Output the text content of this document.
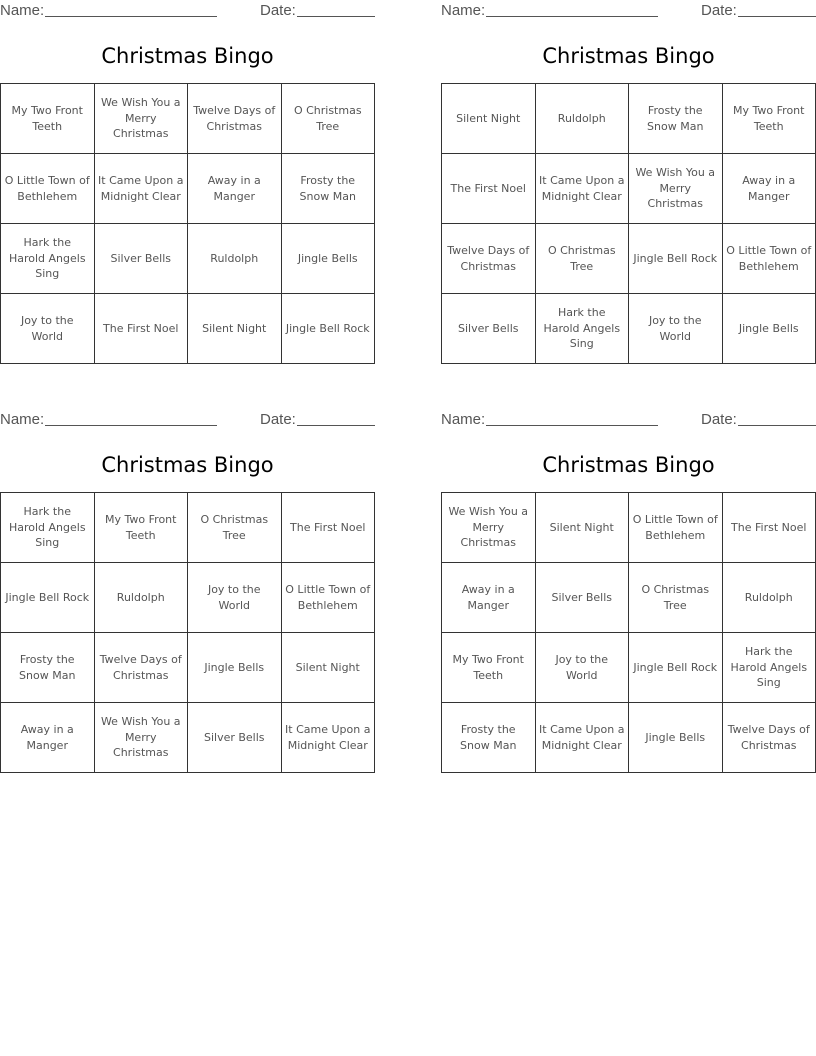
Name:	Date:
Christmas Bingo
My Two Front Teeth	We Wish You a Merry Christmas	Twelve Days of Christmas	O Christmas Tree
O Little Town of Bethlehem	It Came Upon a Midnight Clear	Away in a Manger	Frosty the Snow Man
Hark the Harold Angels Sing	Silver Bells	Ruldolph	Jingle Bells
Joy to the World	The First Noel	Silent Night	Jingle Bell Rock
Name:	Date:
Christmas Bingo
Silent Night	Ruldolph	Frosty the Snow Man	My Two Front Teeth
The First Noel	It Came Upon a Midnight Clear	We Wish You a Merry Christmas	Away in a Manger
Twelve Days of Christmas	O Christmas Tree	Jingle Bell Rock	O Little Town of Bethlehem
Silver Bells	Hark the Harold Angels Sing	Joy to the World	Jingle Bells
Name:	Date:
Christmas Bingo
Hark the Harold Angels Sing	My Two Front Teeth	O Christmas Tree	The First Noel
Jingle Bell Rock	Ruldolph	Joy to the World	O Little Town of Bethlehem
Frosty the Snow Man	Twelve Days of Christmas	Jingle Bells	Silent Night
Away in a Manger	We Wish You a Merry Christmas	Silver Bells	It Came Upon a Midnight Clear
Name:	Date:
Christmas Bingo
We Wish You a Merry Christmas	Silent Night	O Little Town of Bethlehem	The First Noel
Away in a Manger	Silver Bells	O Christmas Tree	Ruldolph
My Two Front Teeth	Joy to the World	Jingle Bell Rock	Hark the Harold Angels Sing
Frosty the Snow Man	It Came Upon a Midnight Clear	Jingle Bells	Twelve Days of Christmas
